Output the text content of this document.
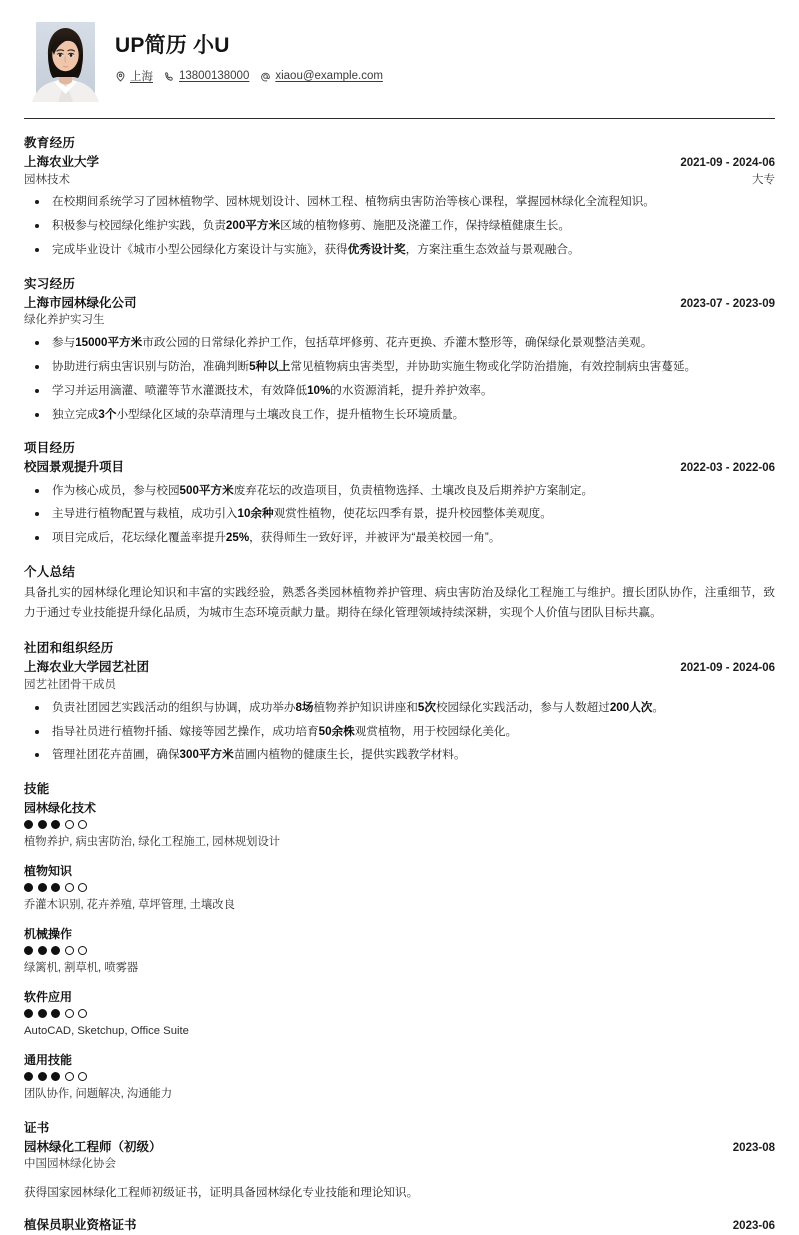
UP简历 小U
上海 13800138000 xiaou@example.com
教育经历
上海农业大学	2021-09 - 2024-06
园林技术	大专
在校期间系统学习了园林植物学、园林规划设计、园林工程、植物病虫害防治等核心课程，掌握园林绿化全流程知识。
积极参与校园绿化维护实践，负责200平方米区域的植物修剪、施肥及浇灌工作，保持绿植健康生长。
完成毕业设计《城市小型公园绿化方案设计与实施》，获得优秀设计奖，方案注重生态效益与景观融合。
实习经历
上海市园林绿化公司	2023-07 - 2023-09
绿化养护实习生
参与15000平方米市政公园的日常绿化养护工作，包括草坪修剪、花卉更换、乔灌木整形等，确保绿化景观整洁美观。
协助进行病虫害识别与防治，准确判断5种以上常见植物病虫害类型，并协助实施生物或化学防治措施，有效控制病虫害蔓延。
学习并运用滴灌、喷灌等节水灌溉技术，有效降低10%的水资源消耗，提升养护效率。
独立完成3个小型绿化区域的杂草清理与土壤改良工作，提升植物生长环境质量。
项目经历
校园景观提升项目	2022-03 - 2022-06
作为核心成员，参与校园500平方米废弃花坛的改造项目，负责植物选择、土壤改良及后期养护方案制定。
主导进行植物配置与栽植，成功引入10余种观赏性植物，使花坛四季有景，提升校园整体美观度。
项目完成后，花坛绿化覆盖率提升25%，获得师生一致好评，并被评为“最美校园一角”。
个人总结
具备扎实的园林绿化理论知识和丰富的实践经验，熟悉各类园林植物养护管理、病虫害防治及绿化工程施工与维护。擅长团队协作，注重细节，致力于通过专业技能提升绿化品质，为城市生态环境贡献力量。期待在绿化管理领域持续深耕，实现个人价值与团队目标共赢。
社团和组织经历
上海农业大学园艺社团	2021-09 - 2024-06
园艺社团骨干成员
负责社团园艺实践活动的组织与协调，成功举办8场植物养护知识讲座和5次校园绿化实践活动，参与人数超过200人次。
指导社员进行植物扦插、嫁接等园艺操作，成功培育50余株观赏植物，用于校园绿化美化。
管理社团花卉苗圃，确保300平方米苗圃内植物的健康生长，提供实践教学材料。
技能
园林绿化技术
植物养护, 病虫害防治, 绿化工程施工, 园林规划设计
植物知识
乔灌木识别, 花卉养殖, 草坪管理, 土壤改良
机械操作
绿篱机, 割草机, 喷雾器
软件应用
AutoCAD, Sketchup, Office Suite
通用技能
团队协作, 问题解决, 沟通能力
证书
园林绿化工程师（初级）	2023-08
中国园林绿化协会
获得国家园林绿化工程师初级证书，证明具备园林绿化专业技能和理论知识。
植保员职业资格证书	2023-06
